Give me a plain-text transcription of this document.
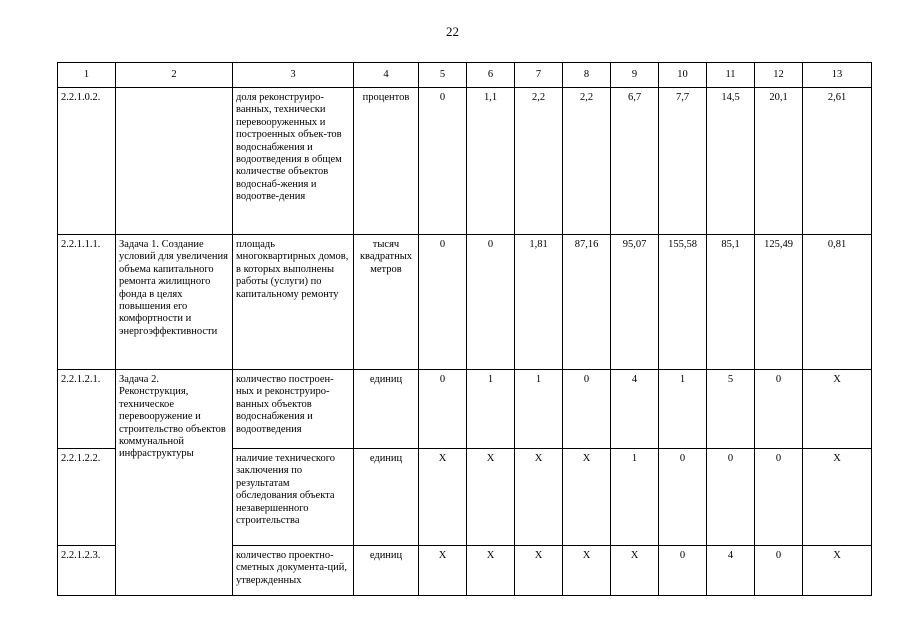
22
1	2	3	4	5	6	7	8	9	10	11	12	13
2.2.1.0.2.		доля реконструиро-ванных, технически перевооруженных и построенных объек-тов водоснабжения и водоотведения в общем количестве объектов водоснаб-жения и водоотве-дения	процентов	0	1,1	2,2	2,2	6,7	7,7	14,5	20,1	2,61
2.2.1.1.1.	Задача 1. Создание условий для увеличения объема капитального ремонта жилищного фонда в целях повышения его комфортности и энергоэффективности	площадь многоквартирных домов, в которых выполнены работы (услуги) по капитальному ремонту	тысяч квадратных метров	0	0	1,81	87,16	95,07	155,58	85,1	125,49	0,81
2.2.1.2.1.	Задача 2. Реконструкция, техническое перевооружение и строительство объектов коммунальной инфраструктуры	количество построен-ных и реконструиро-ванных объектов водоснабжения и водоотведения	единиц	0	1	1	0	4	1	5	0	X
2.2.1.2.2.		наличие технического заключения по результатам обследования объекта незавершенного строительства	единиц	X	X	X	X	1	0	0	0	X
2.2.1.2.3.		количество проектно-сметных документа-ций, утвержденных	единиц	X	X	X	X	X	0	4	0	X
